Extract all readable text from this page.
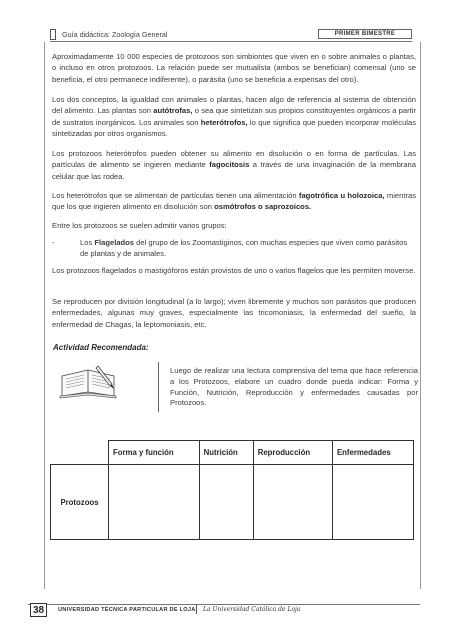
Guía didáctica: Zoología General	PRIMER BIMESTRE

Aproximadamente 10 000 especies de protozoos son simbiontes que viven en o sobre animales o plantas, o incluso en otros protozoos. La relación puede ser mutualista (ambos se benefician) comensal (uno se beneficia, el otro permanece indiferente), o parásita (uno se beneficia a expensas del otro).

Los dos conceptos, la igualdad con animales o plantas, hacen algo de referencia al sistema de obtención del alimento. Las plantas son autótrofas, o sea que sintetizan sus propios constituyentes orgánicos a partir de sustratos inorgánicos. Los animales son heterótrofos, lo que significa que pueden incorporar moléculas sintetizadas por otros organismos.

Los protozoos heterótrofos pueden obtener su alimento en disolución o en forma de partículas. Las partículas de alimento se ingieren mediante fagocitosis a través de una invaginación de la membrana celular que las rodea.

Los heterótrofos que se alimentan de partículas tienen una alimentación fagotrófica u holozoica, mientras que los que ingieren alimento en disolución son osmótrofos o saprozoicos.

Entre los protozoos se suelen admitir varios grupos:

-	Los Flagelados del grupo de los Zoomastiginos, con muchas especies que viven como parásitos de plantas y de animales.

Los protozoos flagelados o mastigóforos están provistos de uno o varios flagelos que les permiten moverse.

Se reproducen por división longitudinal (a lo largo); viven libremente y muchos son parásitos que producen enfermedades, algunas muy graves, especialmente las tricomoniasis, la enfermedad del sueño, la enfermedad de Chagas, la leptomoniasis, etc.

Actividad Recomendada:

Luego de realizar una lectura comprensiva del tema que hace referencia a los Protozoos, elabore un cuadro donde pueda indicar: Forma y Función, Nutrición, Reproducción y enfermedades causadas por Protozoos.

	Forma y función	Nutrición	Reproducción	Enfermedades
Protozoos				
38	UNIVERSIDAD TÉCNICA PARTICULAR DE LOJA La Universidad Católica de Loja
